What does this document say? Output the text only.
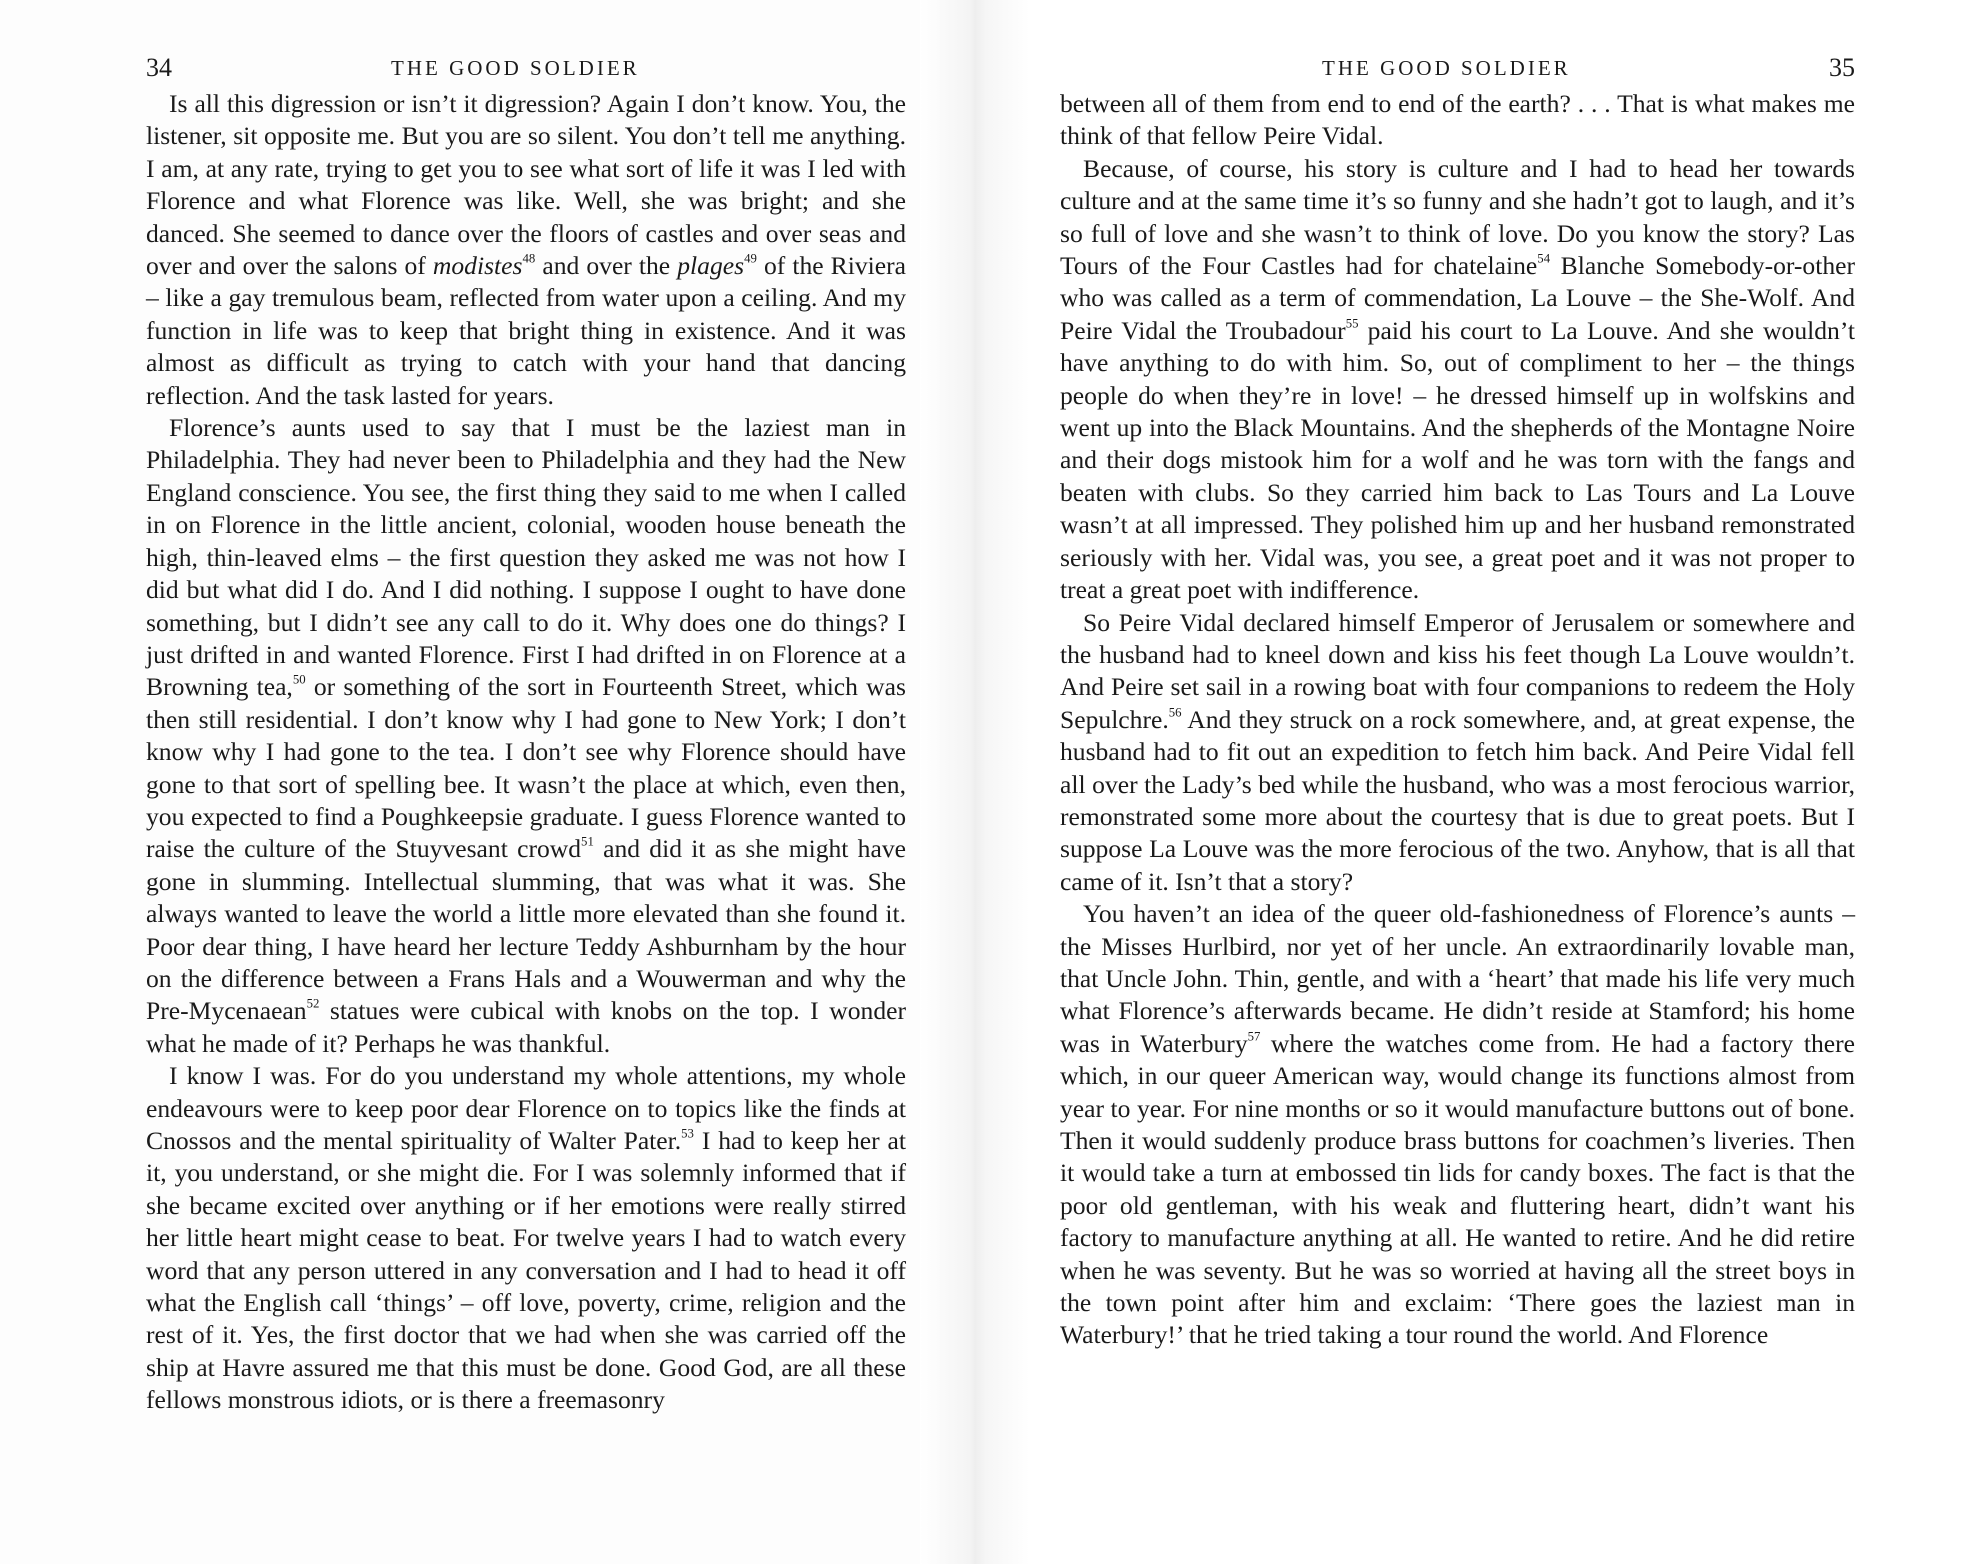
34	THE GOOD SOLDIER

Is all this digression or isn’t it digression? Again I don’t know. You, the listener, sit opposite me. But you are so silent. You don’t tell me anything. I am, at any rate, trying to get you to see what sort of life it was I led with Florence and what Florence was like. Well, she was bright; and she danced. She seemed to dance over the floors of castles and over seas and over and over the salons of modistes$^{48}$ and over the plages$^{49}$ of the Riviera – like a gay tremulous beam, reflected from water upon a ceiling. And my function in life was to keep that bright thing in existence. And it was almost as difficult as trying to catch with your hand that dancing reflection. And the task lasted for years.

Florence’s aunts used to say that I must be the laziest man in Philadelphia. They had never been to Philadelphia and they had the New England conscience. You see, the first thing they said to me when I called in on Florence in the little ancient, colonial, wooden house beneath the high, thin-leaved elms – the first question they asked me was not how I did but what did I do. And I did nothing. I suppose I ought to have done something, but I didn’t see any call to do it. Why does one do things? I just drifted in and wanted Florence. First I had drifted in on Florence at a Browning tea,$^{50}$ or something of the sort in Fourteenth Street, which was then still residential. I don’t know why I had gone to New York; I don’t know why I had gone to the tea. I don’t see why Florence should have gone to that sort of spelling bee. It wasn’t the place at which, even then, you expected to find a Poughkeepsie graduate. I guess Florence wanted to raise the culture of the Stuyvesant crowd$^{51}$ and did it as she might have gone in slumming. Intellectual slumming, that was what it was. She always wanted to leave the world a little more elevated than she found it. Poor dear thing, I have heard her lecture Teddy Ashburnham by the hour on the difference between a Frans Hals and a Wouwerman and why the Pre-Mycenaean$^{52}$ statues were cubical with knobs on the top. I wonder what he made of it? Perhaps he was thankful.

I know I was. For do you understand my whole attentions, my whole endeavours were to keep poor dear Florence on to topics like the finds at Cnossos and the mental spirituality of Walter Pater.$^{53}$ I had to keep her at it, you understand, or she might die. For I was solemnly informed that if she became excited over anything or if her emotions were really stirred her little heart might cease to beat. For twelve years I had to watch every word that any person uttered in any conversation and I had to head it off what the English call ‘things’ – off love, poverty, crime, religion and the rest of it. Yes, the first doctor that we had when she was carried off the ship at Havre assured me that this must be done. Good God, are all these fellows monstrous idiots, or is there a freemasonry

THE GOOD SOLDIER	35

between all of them from end to end of the earth? . . . That is what makes me think of that fellow Peire Vidal.

Because, of course, his story is culture and I had to head her towards culture and at the same time it’s so funny and she hadn’t got to laugh, and it’s so full of love and she wasn’t to think of love. Do you know the story? Las Tours of the Four Castles had for chatelaine$^{54}$ Blanche Somebody-or-other who was called as a term of commendation, La Louve – the She-Wolf. And Peire Vidal the Troubadour$^{55}$ paid his court to La Louve. And she wouldn’t have anything to do with him. So, out of compliment to her – the things people do when they’re in love! – he dressed himself up in wolfskins and went up into the Black Mountains. And the shepherds of the Montagne Noire and their dogs mistook him for a wolf and he was torn with the fangs and beaten with clubs. So they carried him back to Las Tours and La Louve wasn’t at all impressed. They polished him up and her husband remonstrated seriously with her. Vidal was, you see, a great poet and it was not proper to treat a great poet with indifference.

So Peire Vidal declared himself Emperor of Jerusalem or somewhere and the husband had to kneel down and kiss his feet though La Louve wouldn’t. And Peire set sail in a rowing boat with four companions to redeem the Holy Sepulchre.$^{56}$ And they struck on a rock somewhere, and, at great expense, the husband had to fit out an expedition to fetch him back. And Peire Vidal fell all over the Lady’s bed while the husband, who was a most ferocious warrior, remonstrated some more about the courtesy that is due to great poets. But I suppose La Louve was the more ferocious of the two. Anyhow, that is all that came of it. Isn’t that a story?

You haven’t an idea of the queer old-fashionedness of Florence’s aunts – the Misses Hurlbird, nor yet of her uncle. An extraordinarily lovable man, that Uncle John. Thin, gentle, and with a ‘heart’ that made his life very much what Florence’s afterwards became. He didn’t reside at Stamford; his home was in Waterbury$^{57}$ where the watches come from. He had a factory there which, in our queer American way, would change its functions almost from year to year. For nine months or so it would manufacture buttons out of bone. Then it would suddenly produce brass buttons for coachmen’s liveries. Then it would take a turn at embossed tin lids for candy boxes. The fact is that the poor old gentleman, with his weak and fluttering heart, didn’t want his factory to manufacture anything at all. He wanted to retire. And he did retire when he was seventy. But he was so worried at having all the street boys in the town point after him and exclaim: ‘There goes the laziest man in Waterbury!’ that he tried taking a tour round the world. And Florence
